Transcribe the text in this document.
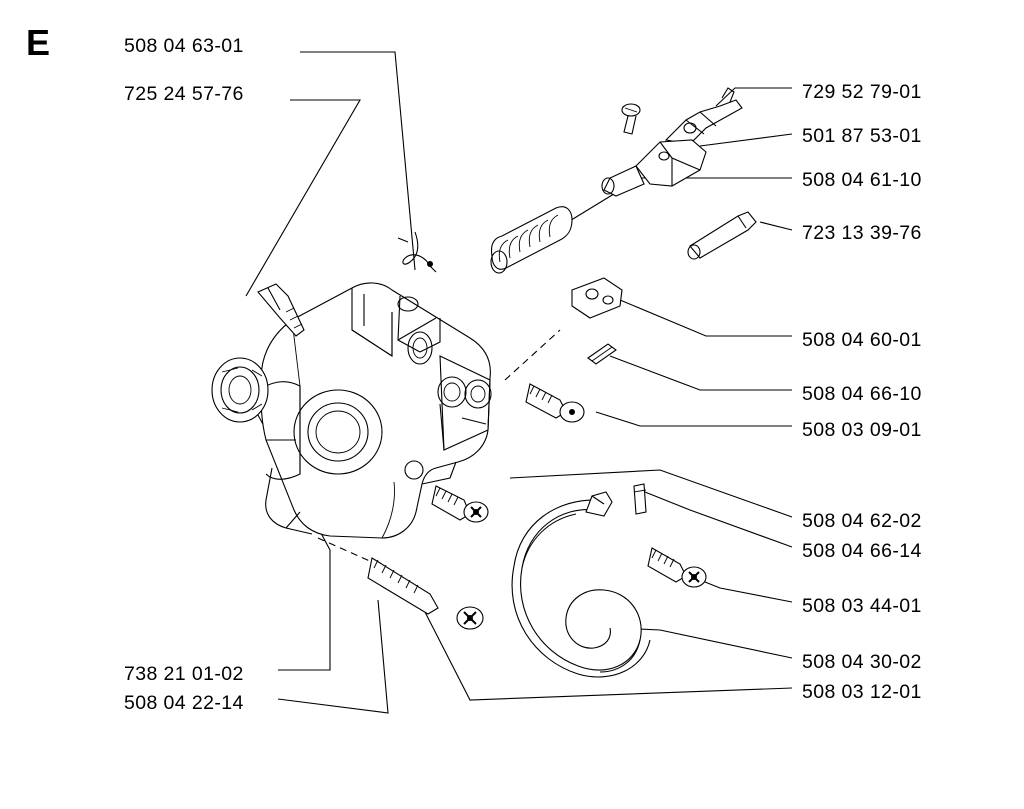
E	508 04 63-01
725 24 57-76	729 52 79-01
501 87 53-01
508 04 61-10
723 13 39-76
508 04 60-01
508 04 66-10
508 03 09-01
508 04 62-02
508 04 66-14
508 03 44-01
508 04 30-02
508 03 12-01
738 21 01-02
508 04 22-14
